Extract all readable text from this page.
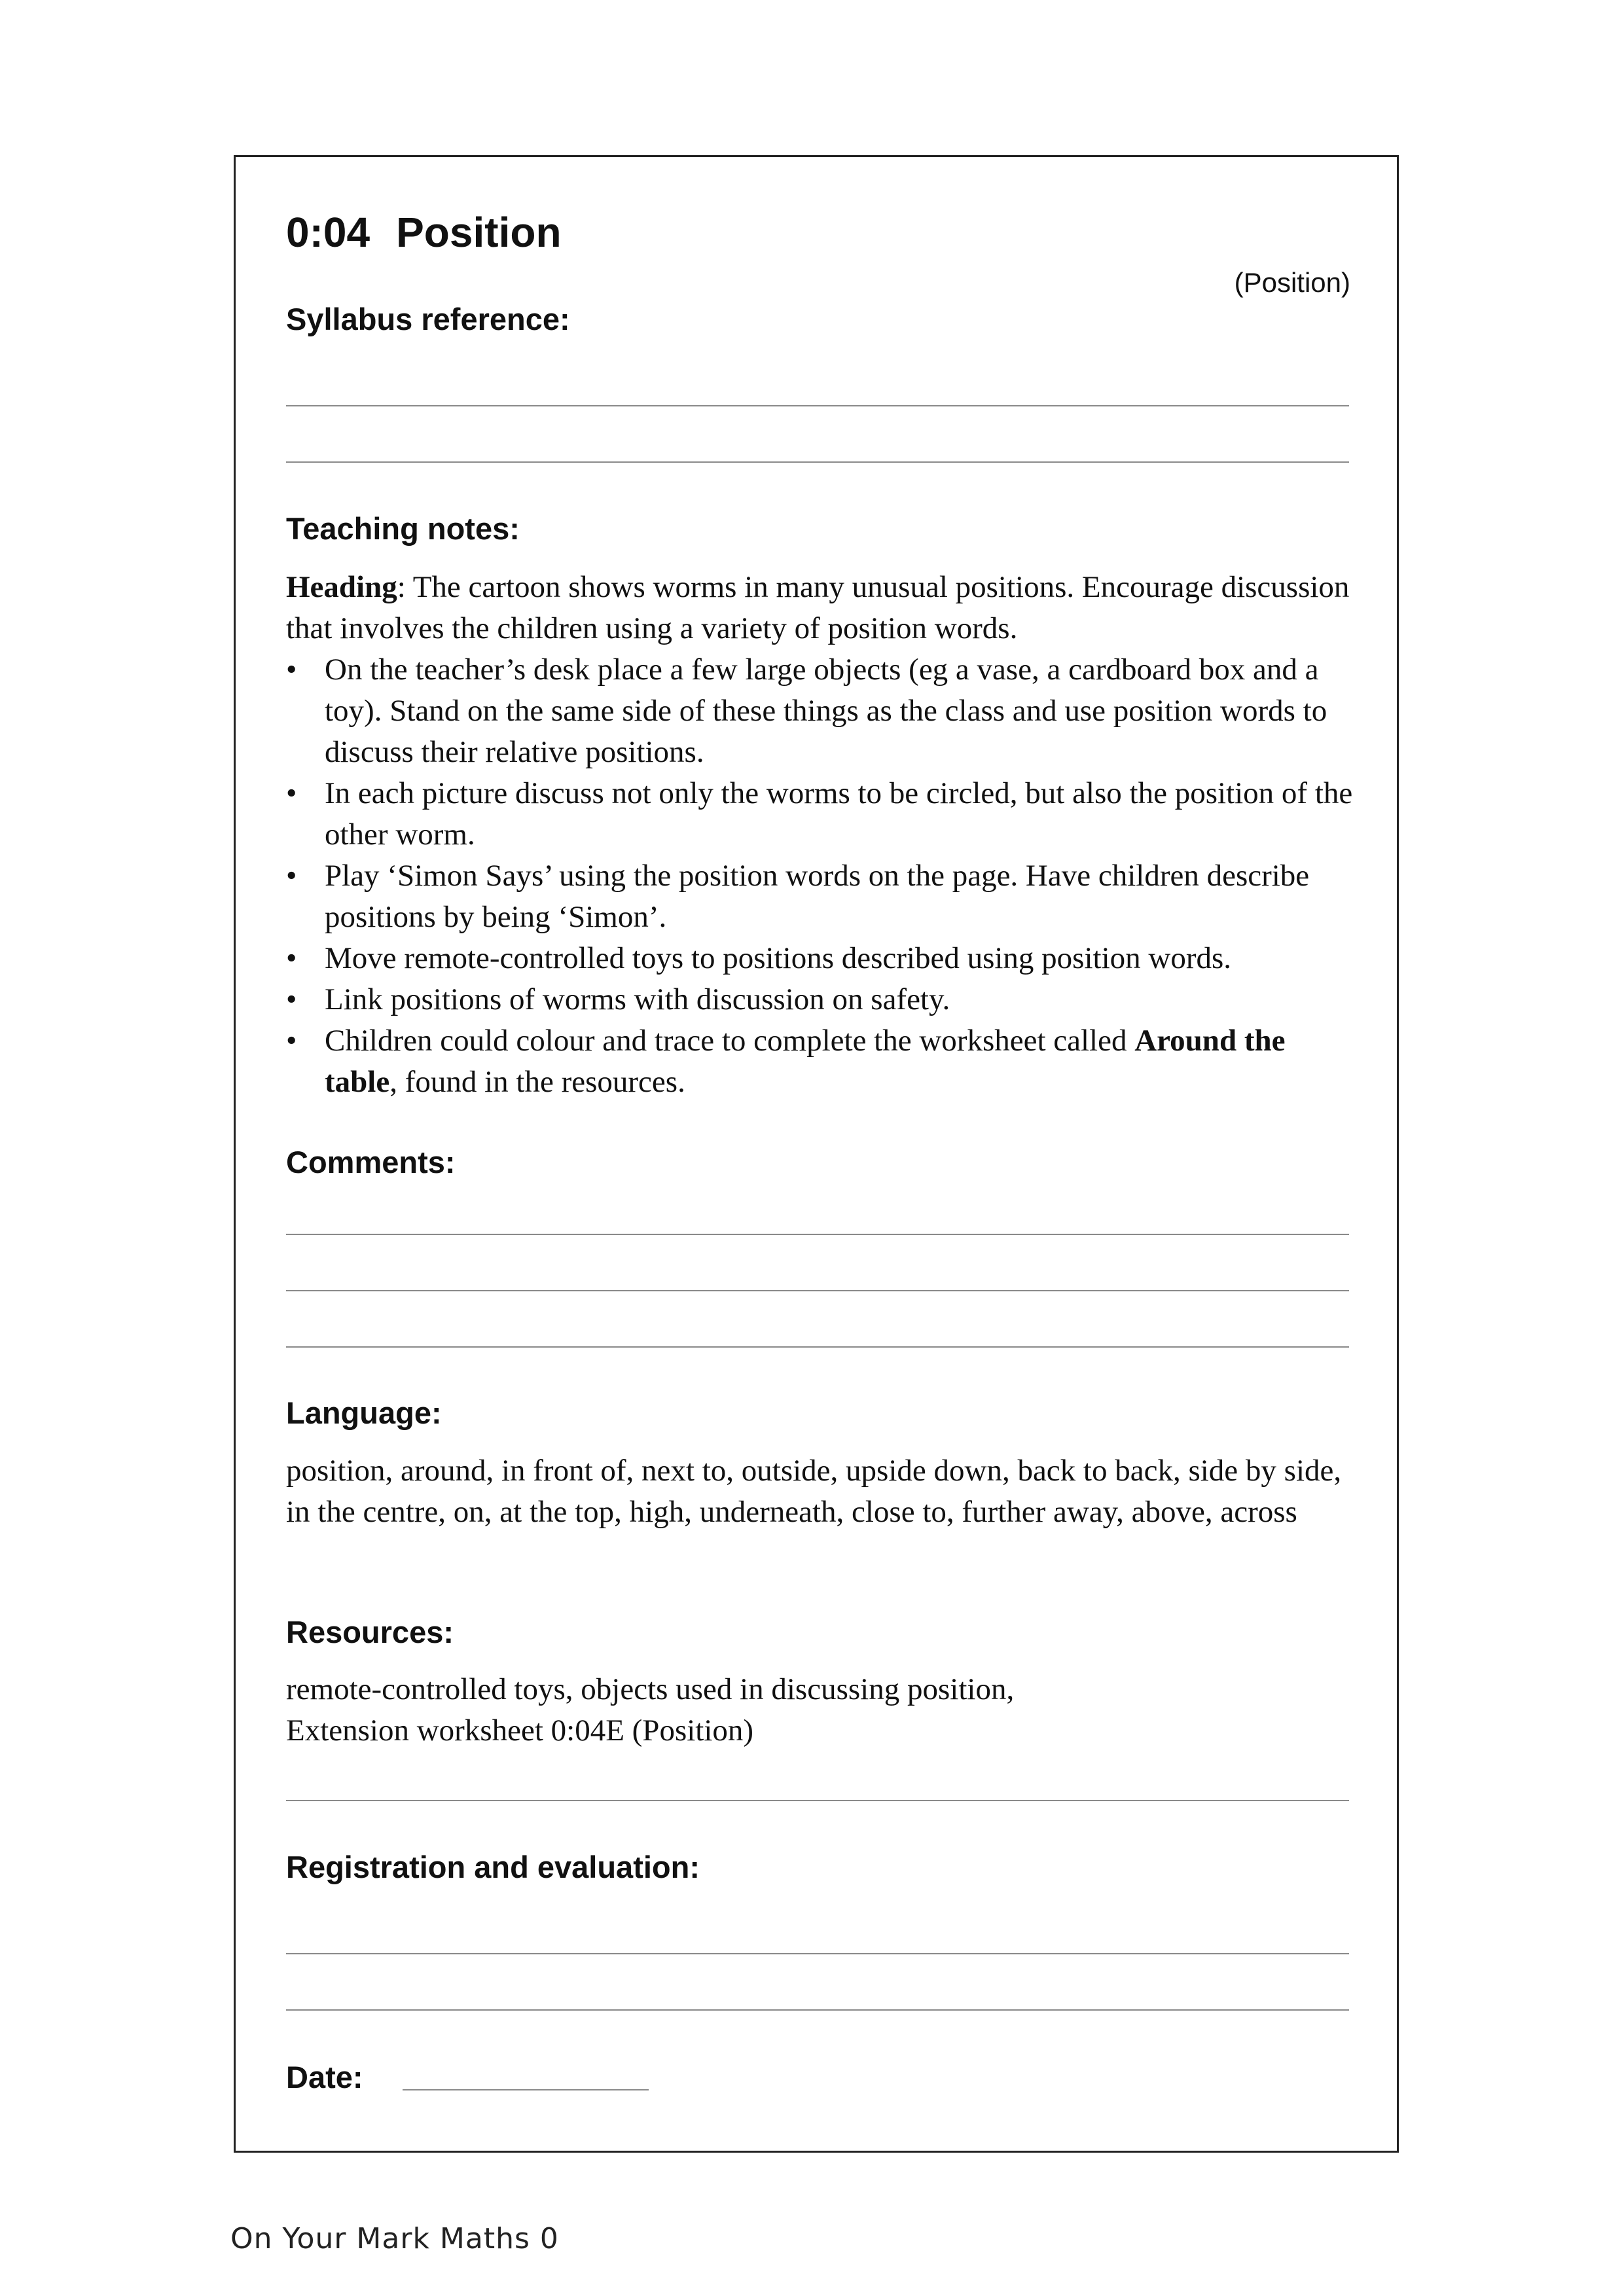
0:04 Position
(Position)
Syllabus reference:
Teaching notes:

Heading: The cartoon shows worms in many unusual positions. Encourage discussion that involves the children using a variety of position words.

• On the teacher’s desk place a few large objects (eg a vase, a cardboard box and a toy). Stand on the same side of these things as the class and use position words to discuss their relative positions.
• In each picture discuss not only the worms to be circled, but also the position of the other worm.
• Play ‘Simon Says’ using the position words on the page. Have children describe positions by being ‘Simon’.
• Move remote-controlled toys to positions described using position words.
• Link positions of worms with discussion on safety.
• Children could colour and trace to complete the worksheet called Around the table, found in the resources.
Comments:
Language:
position, around, in front of, next to, outside, upside down, back to back, side by side, in the centre, on, at the top, high, underneath, close to, further away, above, across
Resources:

remote-controlled toys, objects used in discussing position,

Extension worksheet 0:04E (Position)

Registration and evaluation:
Date:
On Your Mark Maths 0
